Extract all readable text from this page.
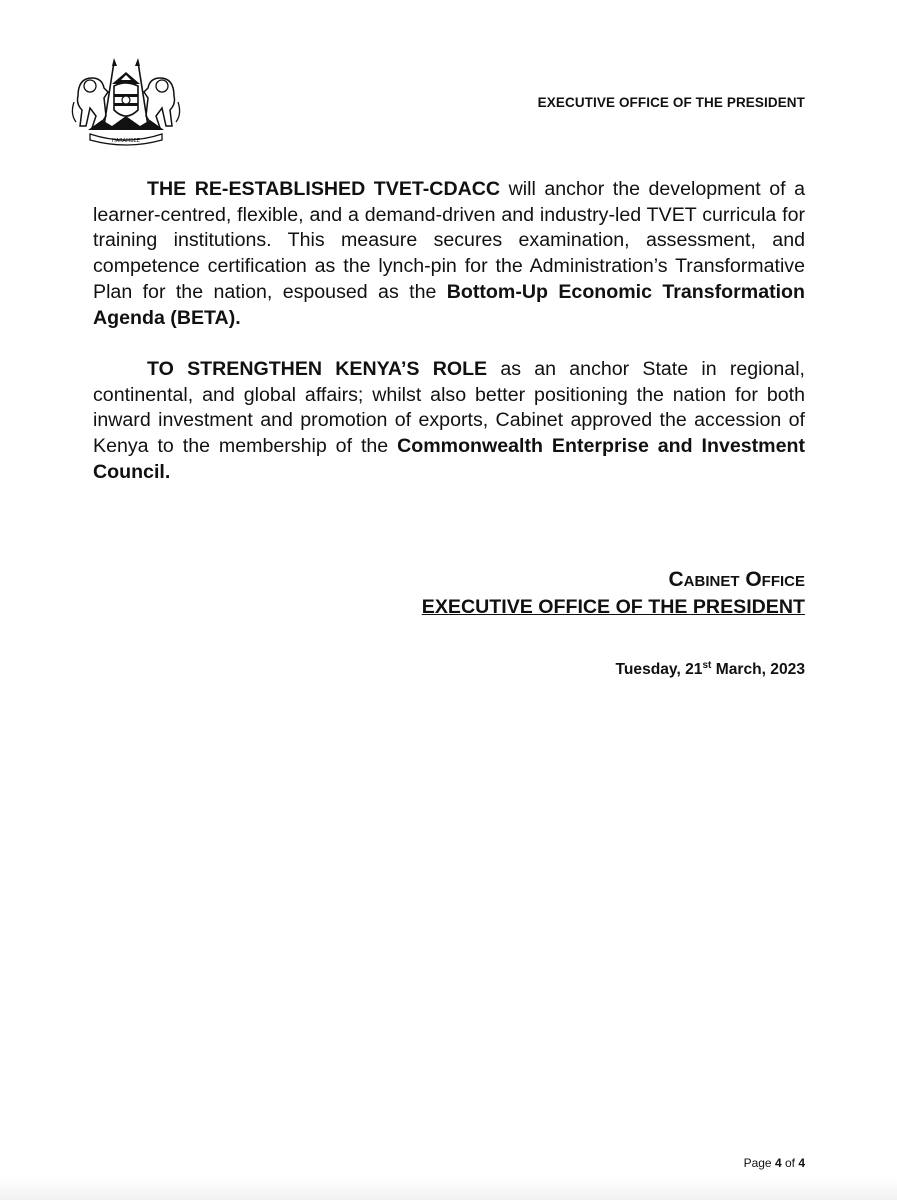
HARAMBEE
EXECUTIVE OFFICE OF THE PRESIDENT
THE RE-ESTABLISHED TVET-CDACC will anchor the development of a learner-centred, flexible, and a demand-driven and industry-led TVET curricula for training institutions. This measure secures examination, assessment, and competence certification as the lynch-pin for the Administration’s Transformative Plan for the nation, espoused as the Bottom-Up Economic Transformation Agenda (BETA).
TO STRENGTHEN KENYA’S ROLE as an anchor State in regional, continental, and global affairs; whilst also better positioning the nation for both inward investment and promotion of exports, Cabinet approved the accession of Kenya to the membership of the Commonwealth Enterprise and Investment Council.
Cabinet Office
EXECUTIVE OFFICE OF THE PRESIDENT
Tuesday, 21st March, 2023
Page 4 of 4
